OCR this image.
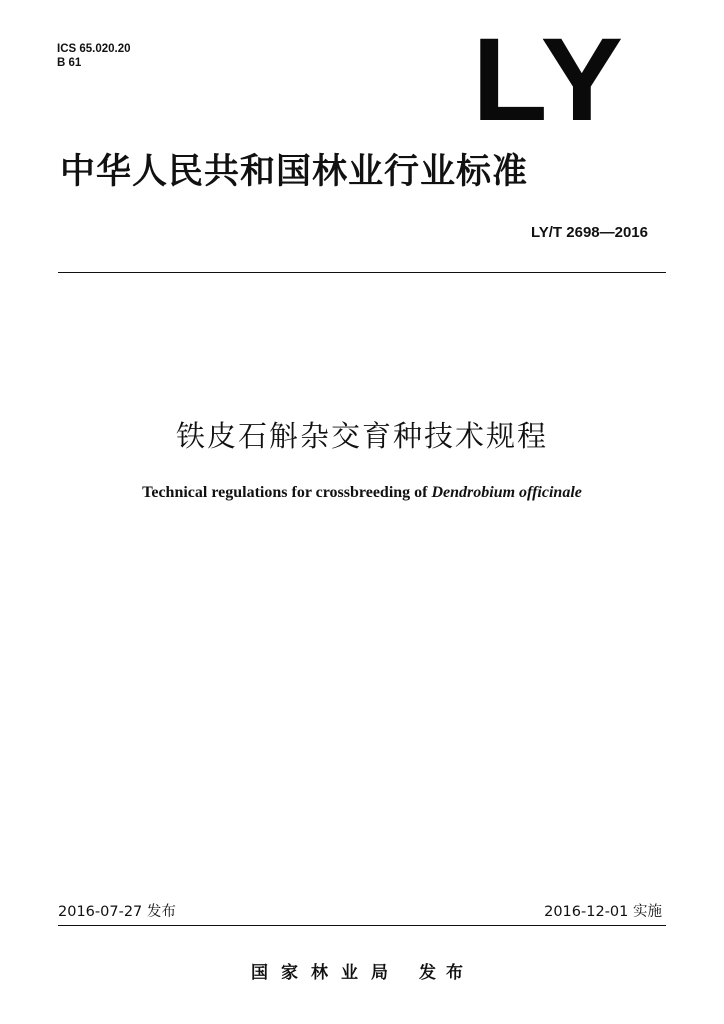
ICS 65.020.20
B 61	LY
中华人民共和国林业行业标准
LY/T 2698—2016
铁皮石斛杂交育种技术规程
Technical regulations for crossbreeding of Dendrobium officinale
2016-07-27 发布	2016-12-01 实施
国家林业局 发布
